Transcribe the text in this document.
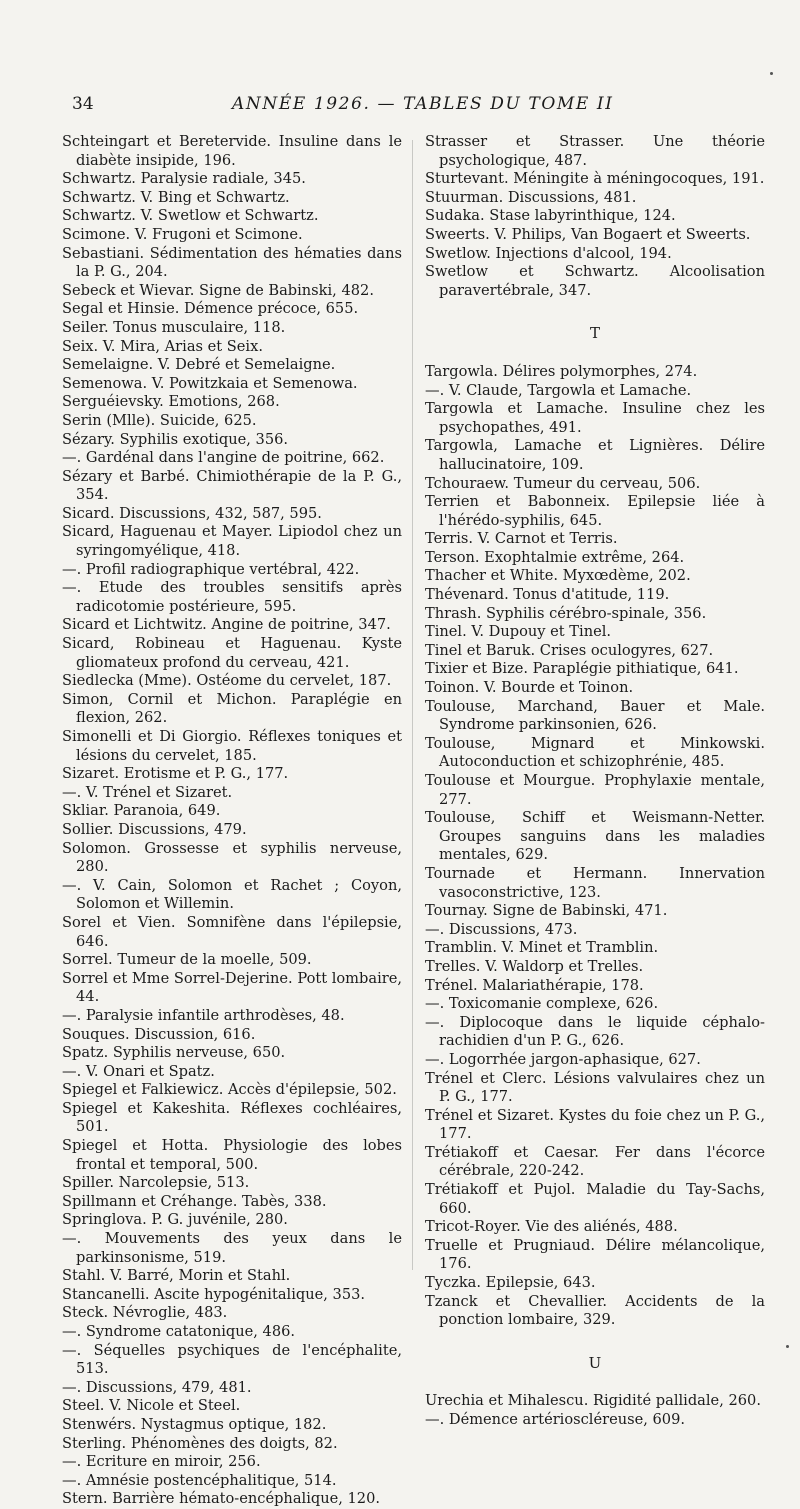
34	ANNÉE 1926. — TABLES DU TOME II

Schteingart et Beretervide. Insuline dans le diabète insipide, 196.

Schwartz. Paralysie radiale, 345.

Schwartz. V. Bing et Schwartz.

Schwartz. V. Swetlow et Schwartz.

Scimone. V. Frugoni et Scimone.

Sebastiani. Sédimentation des hématies dans la P. G., 204.

Sebeck et Wievar. Signe de Babinski, 482.

Segal et Hinsie. Démence précoce, 655.

Seiler. Tonus musculaire, 118.

Seix. V. Mira, Arias et Seix.

Semelaigne. V. Debré et Semelaigne.

Semenowa. V. Powitzkaia et Semenowa.

Serguéievsky. Emotions, 268.

Serin (Mlle). Suicide, 625.

Sézary. Syphilis exotique, 356.

—. Gardénal dans l'angine de poitrine, 662.

Sézary et Barbé. Chimiothérapie de la P. G., 354.

Sicard. Discussions, 432, 587, 595.

Sicard, Haguenau et Mayer. Lipiodol chez un syringomyélique, 418.

—. Profil radiographique vertébral, 422.

—. Etude des troubles sensitifs après radicotomie postérieure, 595.

Sicard et Lichtwitz. Angine de poitrine, 347.

Sicard, Robineau et Haguenau. Kyste gliomateux profond du cerveau, 421.

Siedlecka (Mme). Ostéome du cervelet, 187.

Simon, Cornil et Michon. Paraplégie en flexion, 262.

Simonelli et Di Giorgio. Réflexes toniques et lésions du cervelet, 185.

Sizaret. Erotisme et P. G., 177.

—. V. Trénel et Sizaret.

Skliar. Paranoia, 649.

Sollier. Discussions, 479.

Solomon. Grossesse et syphilis nerveuse, 280.

—. V. Cain, Solomon et Rachet ; Coyon, Solomon et Willemin.

Sorel et Vien. Somnifène dans l'épilepsie, 646.

Sorrel. Tumeur de la moelle, 509.

Sorrel et Mme Sorrel-Dejerine. Pott lombaire, 44.

—. Paralysie infantile arthrodèses, 48.

Souques. Discussion, 616.

Spatz. Syphilis nerveuse, 650.

—. V. Onari et Spatz.

Spiegel et Falkiewicz. Accès d'épilepsie, 502.

Spiegel et Kakeshita. Réflexes cochléaires, 501.

Spiegel et Hotta. Physiologie des lobes frontal et temporal, 500.

Spiller. Narcolepsie, 513.

Spillmann et Créhange. Tabès, 338.

Springlova. P. G. juvénile, 280.

—. Mouvements des yeux dans le parkinsonisme, 519.

Stahl. V. Barré, Morin et Stahl.

Stancanelli. Ascite hypogénitalique, 353.

Steck. Névroglie, 483.

—. Syndrome catatonique, 486.

—. Séquelles psychiques de l'encéphalite, 513.

—. Discussions, 479, 481.

Steel. V. Nicole et Steel.

Stenwérs. Nystagmus optique, 182.

Sterling. Phénomènes des doigts, 82.

—. Ecriture en miroir, 256.

—. Amnésie postencéphalitique, 514.

Stern. Barrière hémato-encéphalique, 120.

Strasser et Strasser. Une théorie psychologique, 487.

Sturtevant. Méningite à méningocoques, 191.

Stuurman. Discussions, 481.

Sudaka. Stase labyrinthique, 124.

Sweerts. V. Philips, Van Bogaert et Sweerts.

Swetlow. Injections d'alcool, 194.

Swetlow et Schwartz. Alcoolisation paravertébrale, 347.

T

Targowla. Délires polymorphes, 274.

—. V. Claude, Targowla et Lamache.

Targowla et Lamache. Insuline chez les psychopathes, 491.

Targowla, Lamache et Lignières. Délire hallucinatoire, 109.

Tchouraew. Tumeur du cerveau, 506.

Terrien et Babonneix. Epilepsie liée à l'hérédo-syphilis, 645.

Terris. V. Carnot et Terris.

Terson. Exophtalmie extrême, 264.

Thacher et White. Myxœdème, 202.

Thévenard. Tonus d'atitude, 119.

Thrash. Syphilis cérébro-spinale, 356.

Tinel. V. Dupouy et Tinel.

Tinel et Baruk. Crises oculogyres, 627.

Tixier et Bize. Paraplégie pithiatique, 641.

Toinon. V. Bourde et Toinon.

Toulouse, Marchand, Bauer et Male. Syndrome parkinsonien, 626.

Toulouse, Mignard et Minkowski. Autoconduction et schizophrénie, 485.

Toulouse et Mourgue. Prophylaxie mentale, 277.

Toulouse, Schiff et Weismann-Netter. Groupes sanguins dans les maladies mentales, 629.

Tournade et Hermann. Innervation vasoconstrictive, 123.

Tournay. Signe de Babinski, 471.

—. Discussions, 473.

Tramblin. V. Minet et Tramblin.

Trelles. V. Waldorp et Trelles.

Trénel. Malariathérapie, 178.

—. Toxicomanie complexe, 626.

—. Diplocoque dans le liquide céphalo-rachidien d'un P. G., 626.

—. Logorrhée jargon-aphasique, 627.

Trénel et Clerc. Lésions valvulaires chez un P. G., 177.

Trénel et Sizaret. Kystes du foie chez un P. G., 177.

Trétiakoff et Caesar. Fer dans l'écorce cérébrale, 220-242.

Trétiakoff et Pujol. Maladie du Tay-Sachs, 660.

Tricot-Royer. Vie des aliénés, 488.

Truelle et Prugniaud. Délire mélancolique, 176.

Tyczka. Epilepsie, 643.

Tzanck et Chevallier. Accidents de la ponction lombaire, 329.

U

Urechia et Mihalescu. Rigidité pallidale, 260.

—. Démence artérioscléreuse, 609.
